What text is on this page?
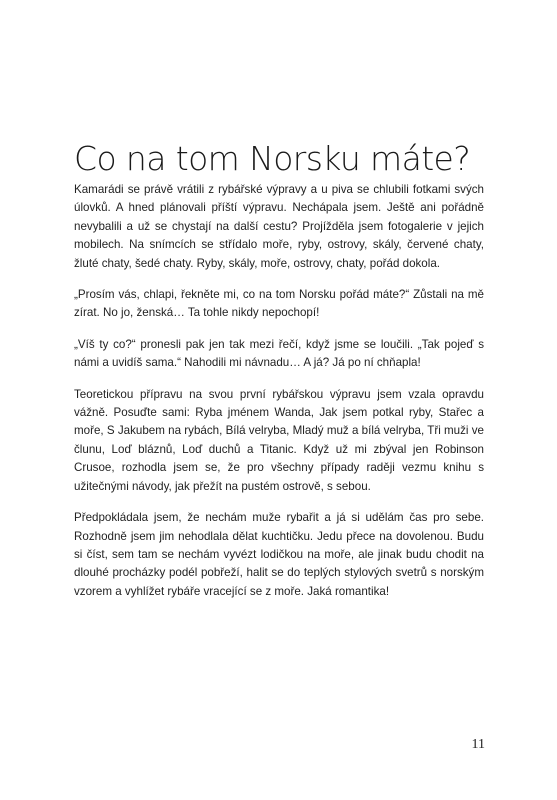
Co na tom Norsku máte?

Kamarádi se právě vrátili z rybářské výpravy a u piva se chlubili fotkami svých úlovků. A hned plánovali příští výpravu. Nechápala jsem. Ještě ani pořádně nevybalili a už se chystají na další cestu? Projížděla jsem fotogalerie v jejich mobilech. Na snímcích se střídalo moře, ryby, ostrovy, skály, červené chaty, žluté chaty, šedé chaty. Ryby, skály, moře, ostrovy, chaty, pořád dokola.

„Prosím vás, chlapi, řekněte mi, co na tom Norsku pořád máte?“ Zůstali na mě zírat. No jo, ženská… Ta tohle nikdy nepochopí!

„Víš ty co?“ pronesli pak jen tak mezi řečí, když jsme se loučili. „Tak pojeď s námi a uvidíš sama.“ Nahodili mi návnadu… A já? Já po ní chňapla!

Teoretickou přípravu na svou první rybářskou výpravu jsem vzala opravdu vážně. Posuďte sami: Ryba jménem Wanda, Jak jsem potkal ryby, Stařec a moře, S Jakubem na rybách, Bílá velryba, Mladý muž a bílá velryba, Tři muži ve člunu, Loď bláznů, Loď duchů a Titanic. Když už mi zbýval jen Robinson Crusoe, rozhodla jsem se, že pro všechny případy raději vezmu knihu s užitečnými návody, jak přežít na pustém ostrově, s sebou.

Předpokládala jsem, že nechám muže rybařit a já si udělám čas pro sebe. Rozhodně jsem jim nehodlala dělat kuchtičku. Jedu přece na dovolenou. Budu si číst, sem tam se nechám vyvézt lodičkou na moře, ale jinak budu chodit na dlouhé procházky podél pobřeží, halit se do teplých stylových svetrů s norským vzorem a vyhlížet rybáře vracející se z moře. Jaká romantika!

11
